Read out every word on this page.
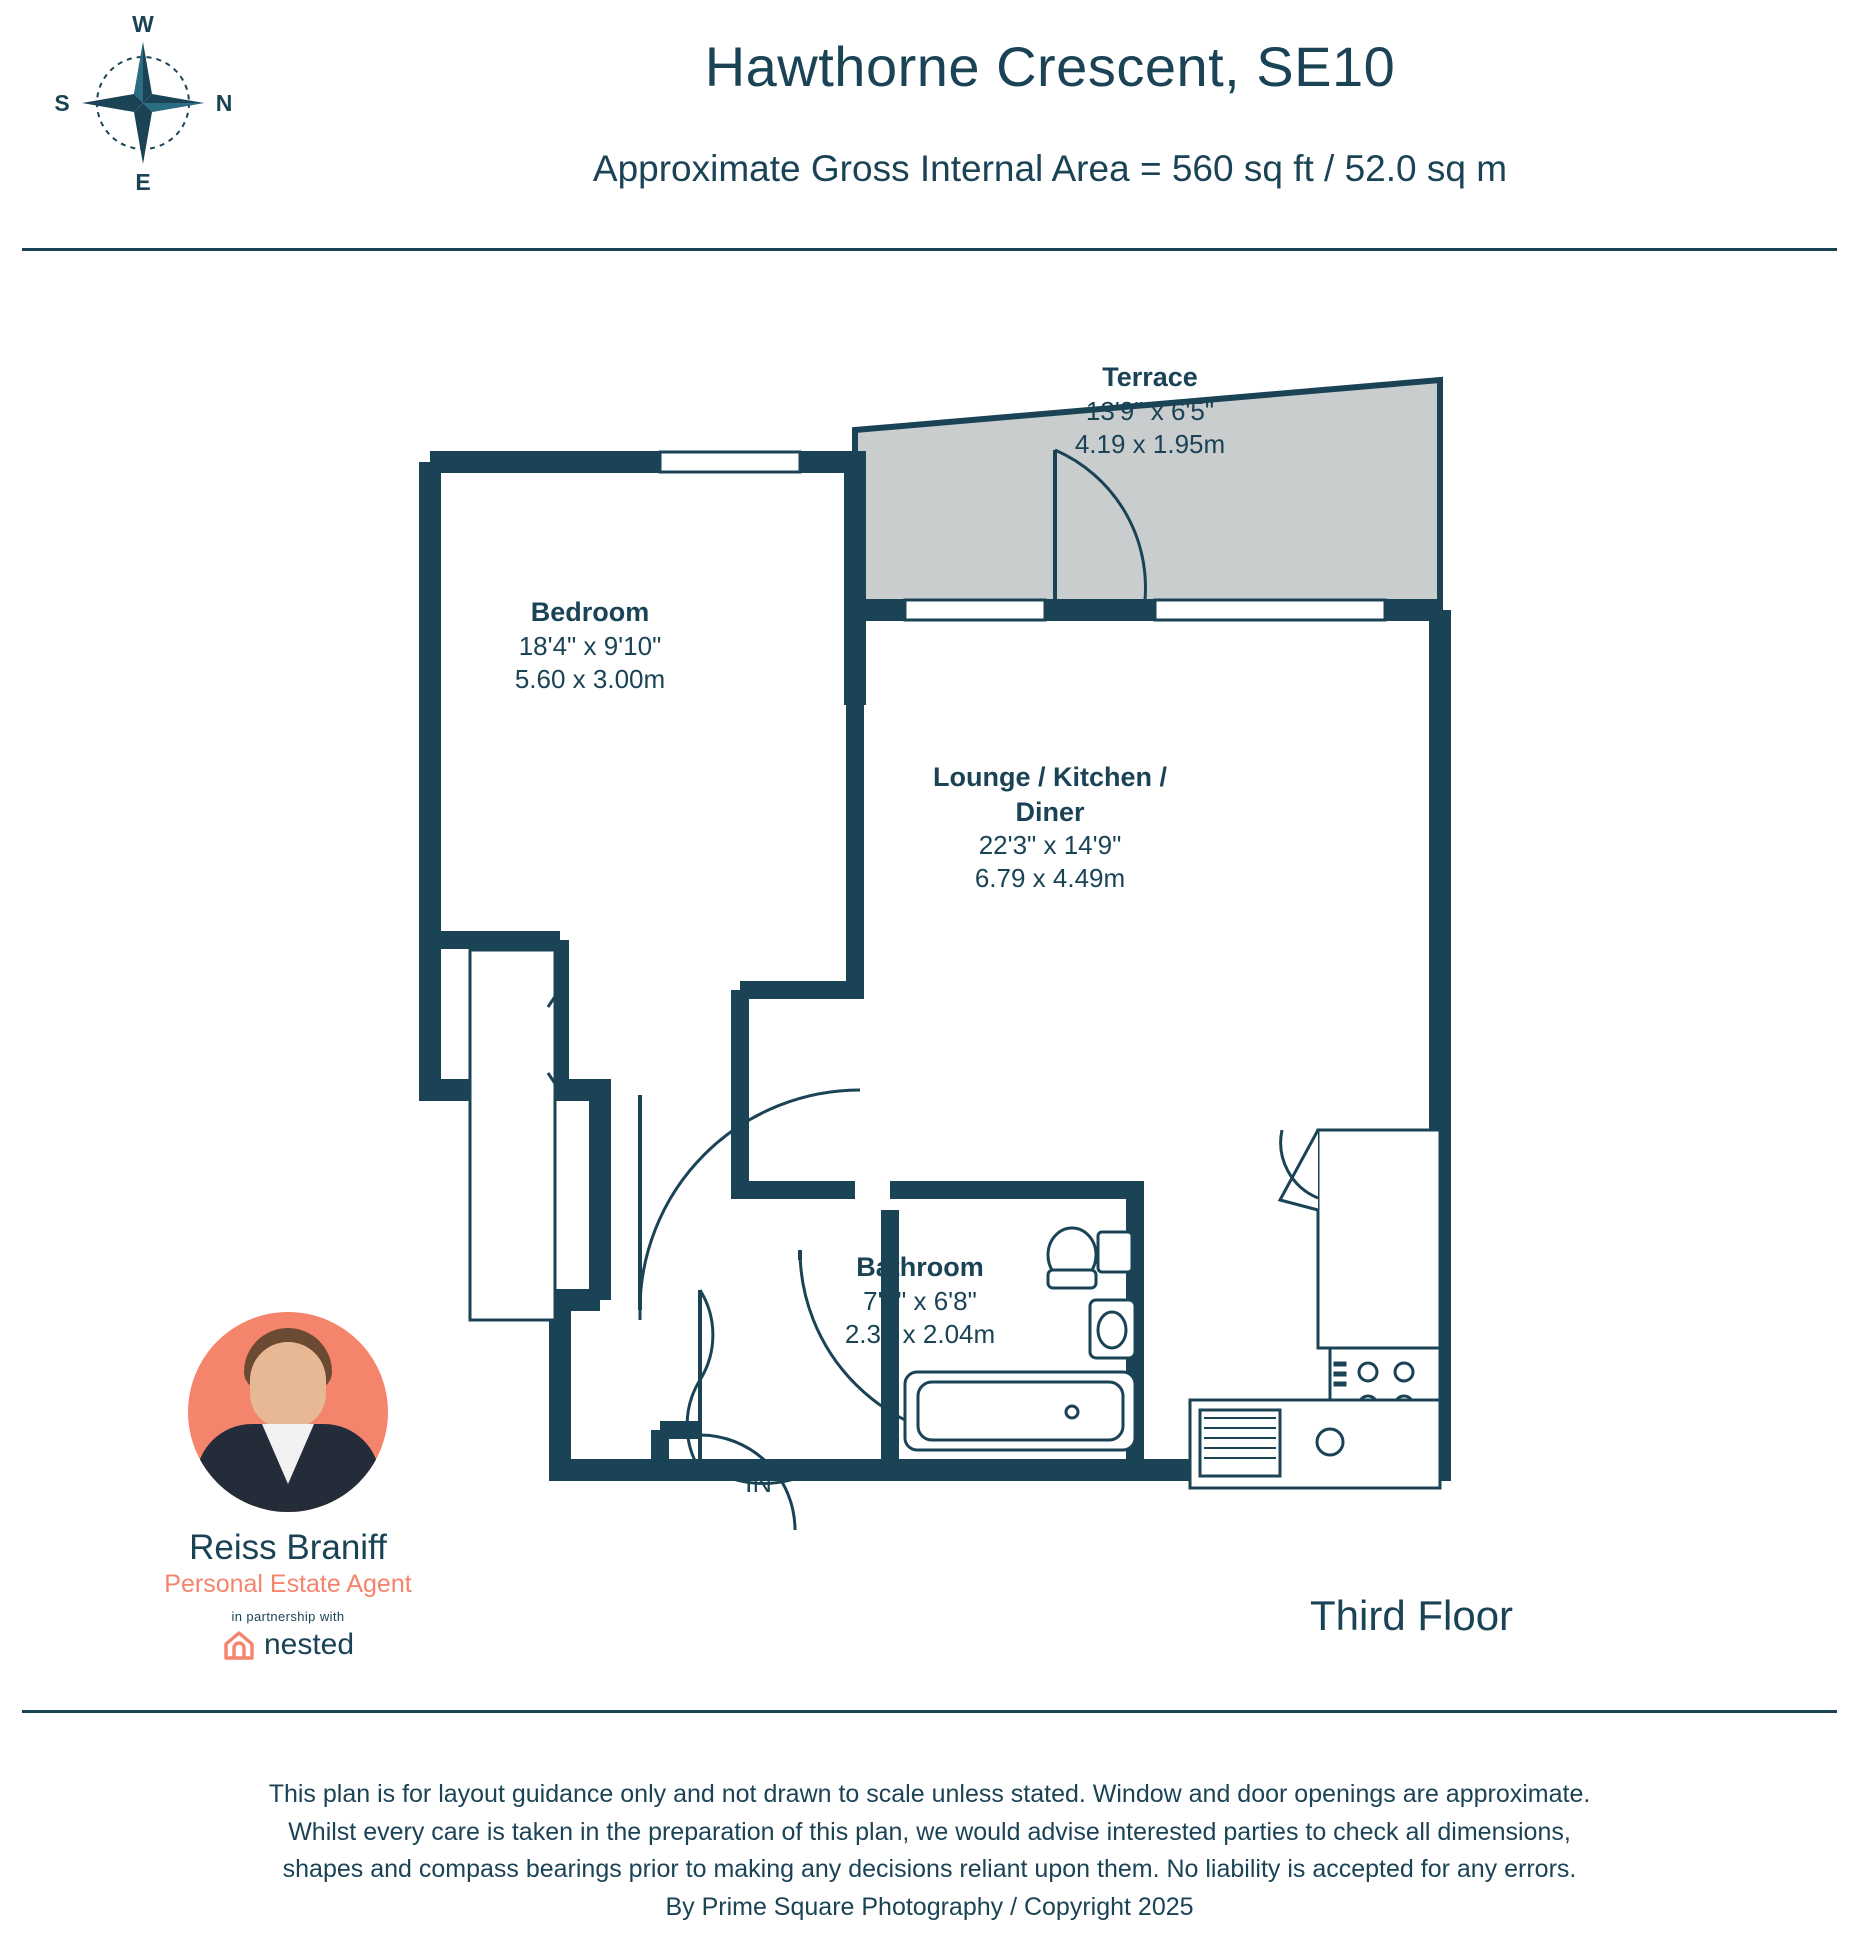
W
E
S	N
Hawthorne Crescent, SE10
Approximate Gross Internal Area = 560 sq ft / 52.0 sq m
Terrace
13'9" x 6'5"
4.19 x 1.95m
Bedroom
18'4" x 9'10"
5.60 x 3.00m
Lounge / Kitchen /
Diner
22'3" x 14'9"
6.79 x 4.49m
Bathroom
7'7" x 6'8"
2.32 x 2.04m
IN
Third Floor
Reiss Braniff
Personal Estate Agent
in partnership with
nested
This plan is for layout guidance only and not drawn to scale unless stated. Window and door openings are approximate.
Whilst every care is taken in the preparation of this plan, we would advise interested parties to check all dimensions,
shapes and compass bearings prior to making any decisions reliant upon them. No liability is accepted for any errors.
By Prime Square Photography / Copyright 2025
